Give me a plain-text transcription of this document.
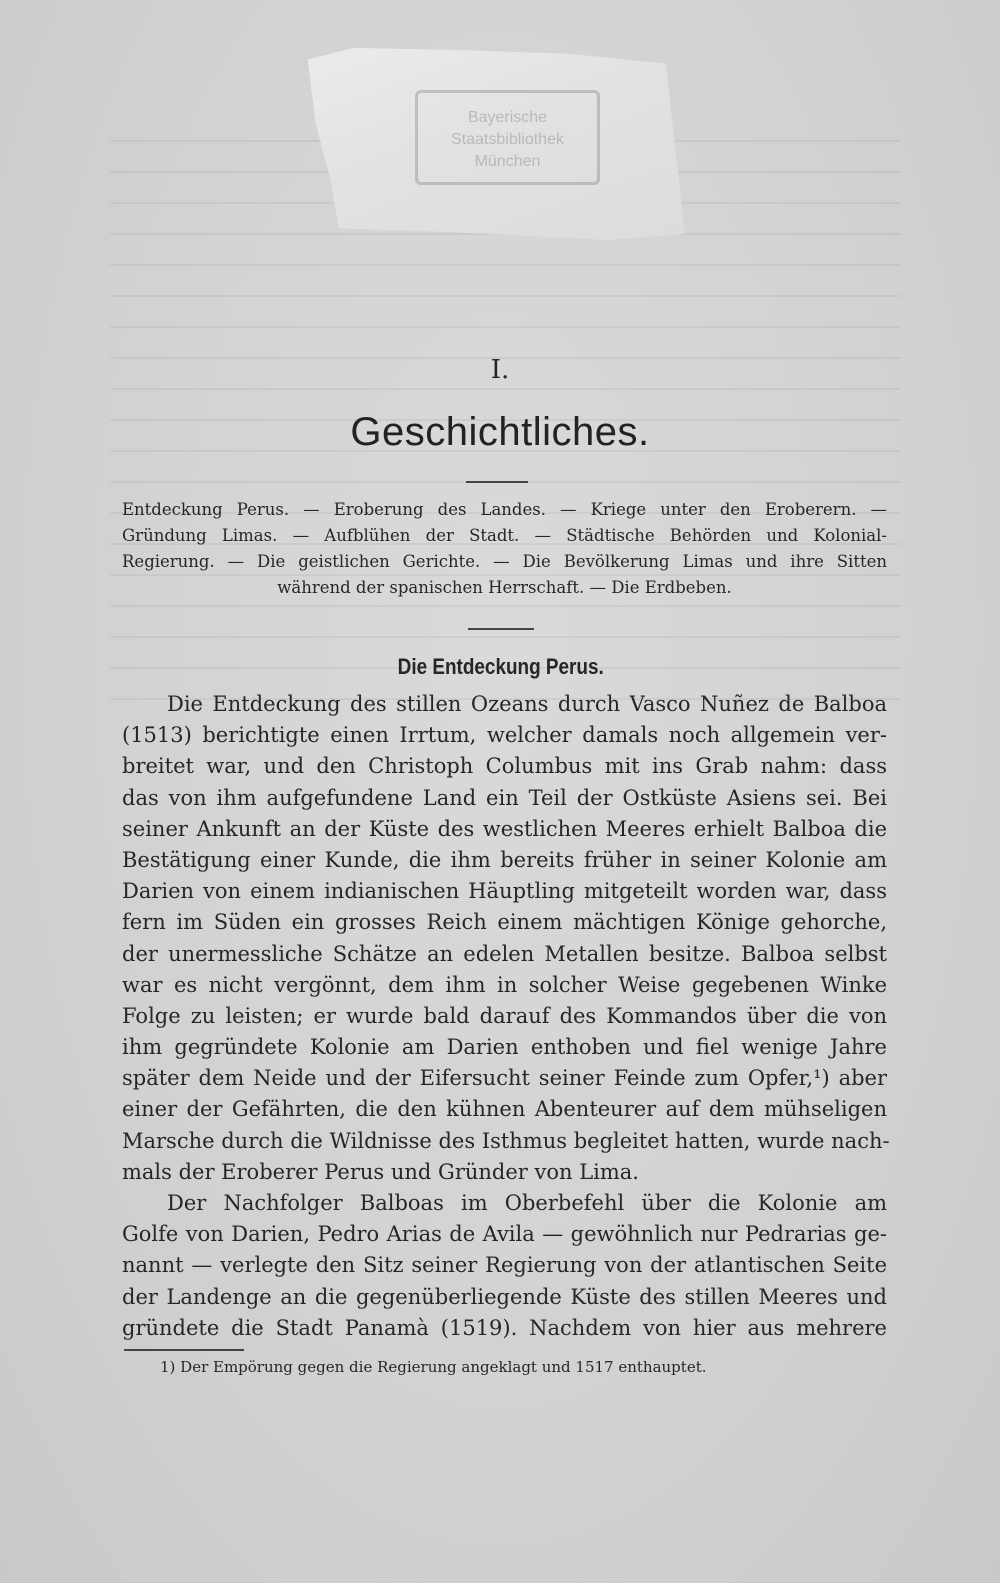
Bayerische
Staatsbibliothek
München
I.
Geschichtliches.
Entdeckung Perus. — Eroberung des Landes. — Kriege unter den Eroberern. —
Gründung Limas. — Aufblühen der Stadt. — Städtische Behörden und Kolonial-
Regierung. — Die geistlichen Gerichte. — Die Bevölkerung Limas und ihre Sitten
während der spanischen Herrschaft. — Die Erdbeben.
Die Entdeckung Perus.
Die Entdeckung des stillen Ozeans durch Vasco Nuñez de Balboa
(1513) berichtigte einen Irrtum, welcher damals noch allgemein ver-
breitet war, und den Christoph Columbus mit ins Grab nahm: dass
das von ihm aufgefundene Land ein Teil der Ostküste Asiens sei. Bei
seiner Ankunft an der Küste des westlichen Meeres erhielt Balboa die
Bestätigung einer Kunde, die ihm bereits früher in seiner Kolonie am
Darien von einem indianischen Häuptling mitgeteilt worden war, dass
fern im Süden ein grosses Reich einem mächtigen Könige gehorche,
der unermessliche Schätze an edelen Metallen besitze. Balboa selbst
war es nicht vergönnt, dem ihm in solcher Weise gegebenen Winke
Folge zu leisten; er wurde bald darauf des Kommandos über die von
ihm gegründete Kolonie am Darien enthoben und fiel wenige Jahre
später dem Neide und der Eifersucht seiner Feinde zum Opfer,¹) aber
einer der Gefährten, die den kühnen Abenteurer auf dem mühseligen
Marsche durch die Wildnisse des Isthmus begleitet hatten, wurde nach-
mals der Eroberer Perus und Gründer von Lima.
Der Nachfolger Balboas im Oberbefehl über die Kolonie am
Golfe von Darien, Pedro Arias de Avila — gewöhnlich nur Pedrarias ge-
nannt — verlegte den Sitz seiner Regierung von der atlantischen Seite
der Landenge an die gegenüberliegende Küste des stillen Meeres und
gründete die Stadt Panamà (1519). Nachdem von hier aus mehrere
1) Der Empörung gegen die Regierung angeklagt und 1517 enthauptet.
